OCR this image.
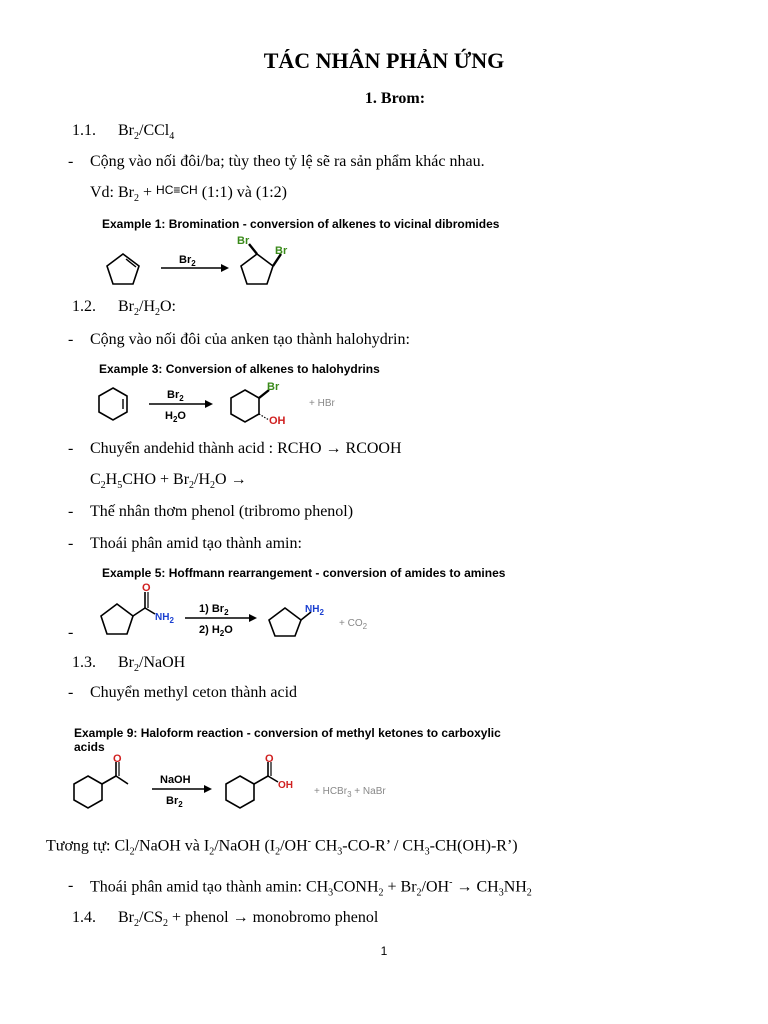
TÁC NHÂN PHẢN ỨNG
1. Brom:
1.1. $Br_2/CCl_4$
- Cộng vào nối đôi/ba; tùy theo tỷ lệ sẽ ra sản phẩm khác nhau.
Vd: $Br_2 + HC\equiv CH$ (1:1) và (1:2)
Example 1: Bromination - conversion of alkenes to vicinal dibromides
$Br_2$
Br
Br
1.2. $Br_2/H_2O$:
- Cộng vào nối đôi của anken tạo thành halohydrin:
Example 3: Conversion of alkenes to halohydrins
$Br_2$
$H_2O$
Br
OH
+ HBr
- Chuyển andehid thành acid : RCHO → RCOOH
$C_2H_5CHO + Br_2/H_2O$ →
- Thế nhân thơm phenol (tribromo phenol)
- Thoái phân amid tạo thành amin:
Example 5: Hoffmann rearrangement - conversion of amides to amines
-
O
$NH_2$
1) $Br_2$
2) $H_2O$
$NH_2$
+ $CO_2$
1.3. $Br_2$/NaOH
- Chuyển methyl ceton thành acid
Example 9: Haloform reaction - conversion of methyl ketones to carboxylic
acids
O
NaOH
$Br_2$
O
OH
+ HCBr$_3$ + NaBr
Tương tự: $Cl_2$/NaOH và $I_2$/NaOH ($I_2/OH^-$ $CH_3-CO-R$’ / $CH_3-CH(OH)-R$’)
- Thoái phân amid tạo thành amin: $CH_3CONH_2 + Br_2/OH^- \to CH_3NH_2$
1.4. $Br_2/CS_2$ + phenol → monobromo phenol
1
